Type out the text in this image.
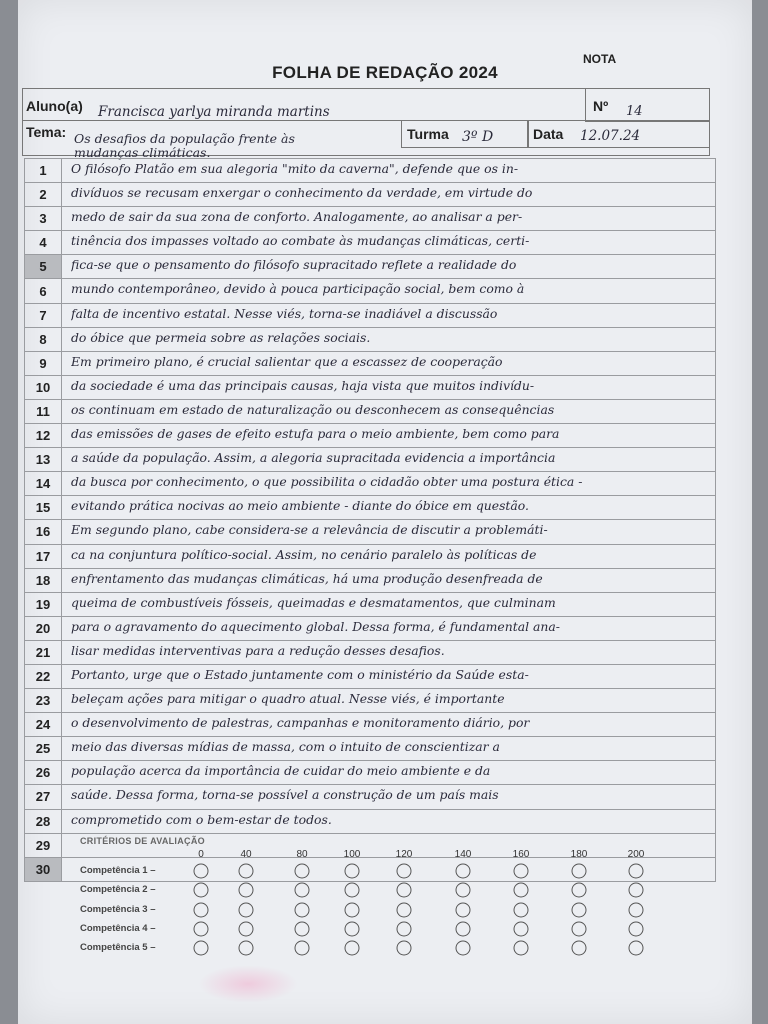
FOLHA DE REDAÇÃO 2024
NOTA
Aluno(a) Francisca yarlya miranda martins	Nº 14
Tema: Os desafios da população frente às
mudanças climáticas.
Turma 3º D	Data 12.07.24
1	O filósofo Platão em sua alegoria "mito da caverna", defende que os in-
2	divíduos se recusam enxergar o conhecimento da verdade, em virtude do
3	medo de sair da sua zona de conforto. Analogamente, ao analisar a per-
4	tinência dos impasses voltado ao combate às mudanças climáticas, certi-
5	fica-se que o pensamento do filósofo supracitado reflete a realidade do
6	mundo contemporâneo, devido à pouca participação social, bem como à
7	falta de incentivo estatal. Nesse viés, torna-se inadiável a discussão
8	do óbice que permeia sobre as relações sociais.
9	Em primeiro plano, é crucial salientar que a escassez de cooperação
10	da sociedade é uma das principais causas, haja vista que muitos indivídu-
11	os continuam em estado de naturalização ou desconhecem as consequências
12	das emissões de gases de efeito estufa para o meio ambiente, bem como para
13	a saúde da população. Assim, a alegoria supracitada evidencia a importância
14	da busca por conhecimento, o que possibilita o cidadão obter uma postura ética -
15	evitando prática nocivas ao meio ambiente - diante do óbice em questão.
16	Em segundo plano, cabe considera-se a relevância de discutir a problemáti-
17	ca na conjuntura político-social. Assim, no cenário paralelo às políticas de
18	enfrentamento das mudanças climáticas, há uma produção desenfreada de
19	queima de combustíveis fósseis, queimadas e desmatamentos, que culminam
20	para o agravamento do aquecimento global. Dessa forma, é fundamental ana-
21	lisar medidas interventivas para a redução desses desafios.
22	Portanto, urge que o Estado juntamente com o ministério da Saúde esta-
23	beleçam ações para mitigar o quadro atual. Nesse viés, é importante
24	o desenvolvimento de palestras, campanhas e monitoramento diário, por
25	meio das diversas mídias de massa, com o intuito de conscientizar a
26	população acerca da importância de cuidar do meio ambiente e da
27	saúde. Dessa forma, torna-se possível a construção de um país mais
28	comprometido com o bem-estar de todos.
29
30
CRITÉRIOS DE AVALIAÇÃO
0	40	80	100	120	140	160	180	200
Competência 1 –
Competência 2 –
Competência 3 –
Competência 4 –
Competência 5 –
